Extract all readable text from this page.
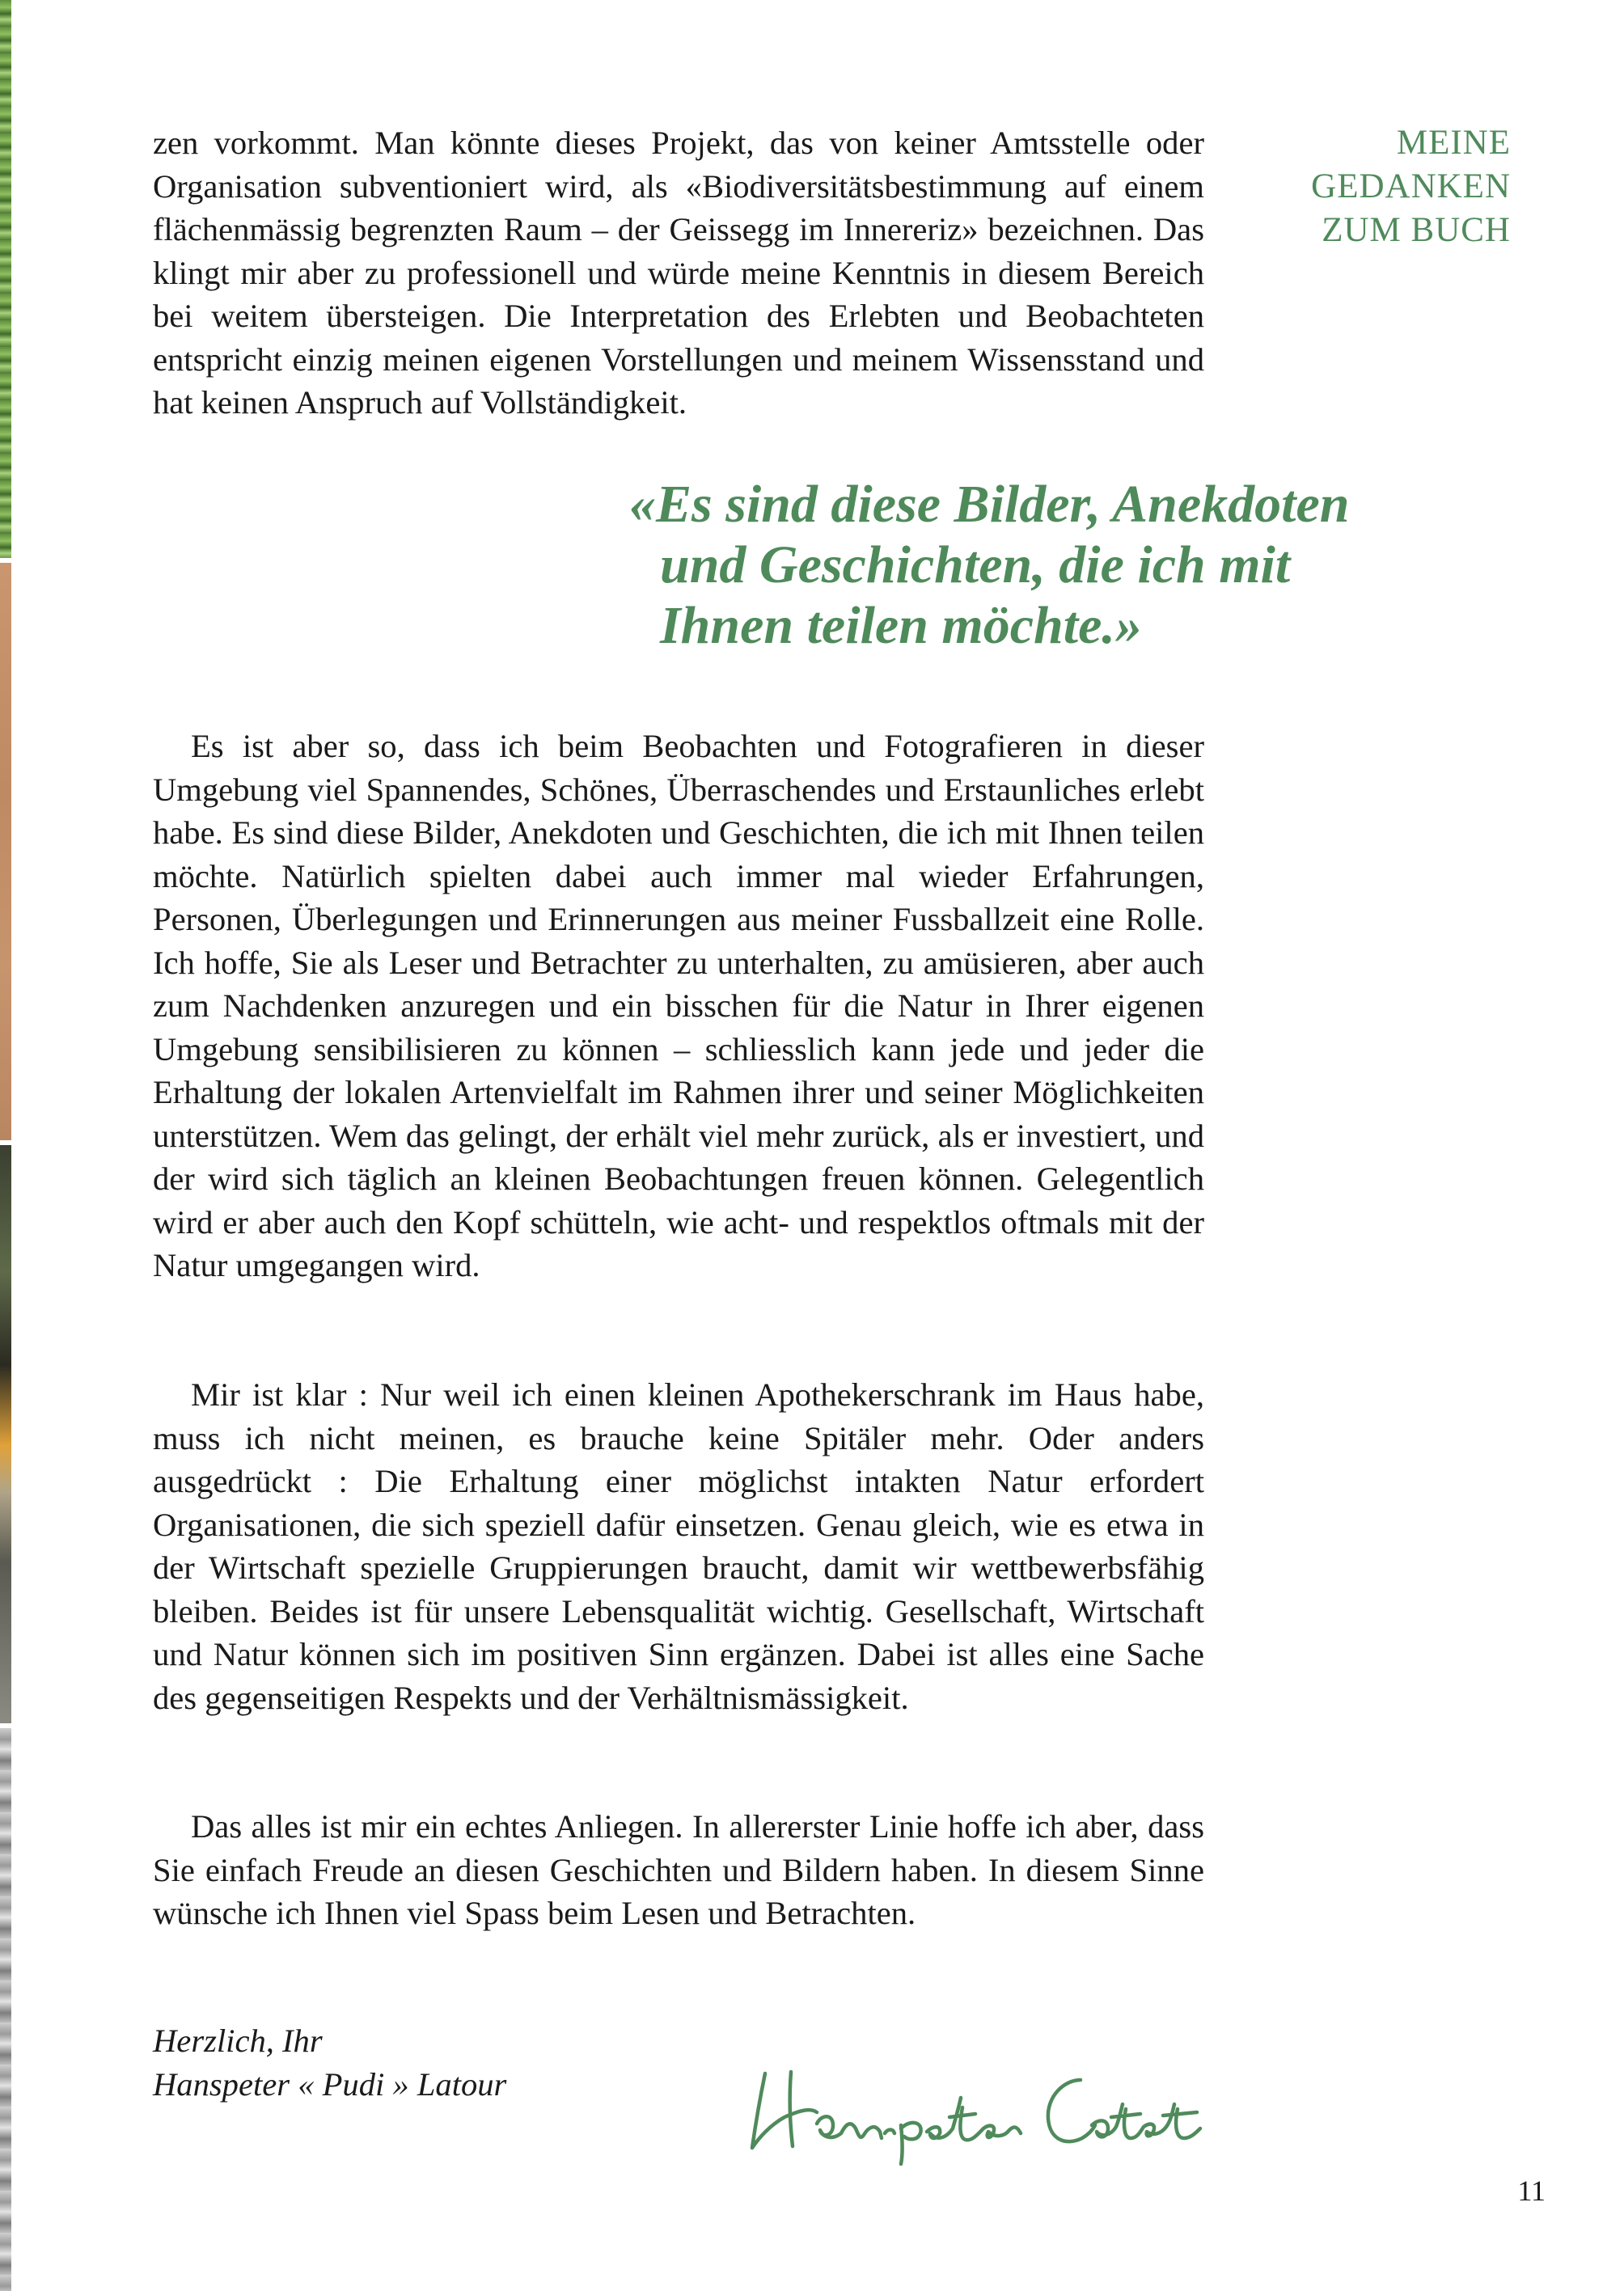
MEINE
GEDANKEN
ZUM BUCH

zen vorkommt. Man könnte dieses Projekt, das von keiner Amtsstelle oder Organisation subventioniert wird, als «Biodiversitätsbestimmung auf einem flächenmässig begrenzten Raum – der Geissegg im Innereriz» bezeichnen. Das klingt mir aber zu professionell und würde meine Kenntnis in diesem Bereich bei weitem übersteigen. Die Interpretation des Erlebten und Beobachteten entspricht einzig meinen eigenen Vorstellungen und meinem Wissensstand und hat keinen Anspruch auf Vollständigkeit.

«Es sind diese Bilder, Anekdoten
und Geschichten, die ich mit
Ihnen teilen möchte.»

Es ist aber so, dass ich beim Beobachten und Fotografieren in dieser Umgebung viel Spannendes, Schönes, Überraschendes und Erstaunliches erlebt habe. Es sind diese Bilder, Anekdoten und Geschichten, die ich mit Ihnen teilen möchte. Natürlich spielten dabei auch immer mal wieder Erfahrungen, Personen, Überlegungen und Erinnerungen aus meiner Fussballzeit eine Rolle. Ich hoffe, Sie als Leser und Betrachter zu unterhalten, zu amüsieren, aber auch zum Nachdenken anzuregen und ein bisschen für die Natur in Ihrer eigenen Umgebung sensibilisieren zu können – schliesslich kann jede und jeder die Erhaltung der lokalen Artenvielfalt im Rahmen ihrer und seiner Möglichkeiten unterstützen. Wem das gelingt, der erhält viel mehr zurück, als er investiert, und der wird sich täglich an kleinen Beobachtungen freuen können. Gelegentlich wird er aber auch den Kopf schütteln, wie acht- und respektlos oftmals mit der Natur umgegangen wird.

Mir ist klar : Nur weil ich einen kleinen Apothekerschrank im Haus habe, muss ich nicht meinen, es brauche keine Spitäler mehr. Oder anders ausgedrückt : Die Erhaltung einer möglichst intakten Natur erfordert Organisationen, die sich speziell dafür einsetzen. Genau gleich, wie es etwa in der Wirtschaft spezielle Gruppierungen braucht, damit wir wettbewerbsfähig bleiben. Beides ist für unsere Lebensqualität wichtig. Gesellschaft, Wirtschaft und Natur können sich im positiven Sinn ergänzen. Dabei ist alles eine Sache des gegenseitigen Respekts und der Verhältnismässigkeit.

Das alles ist mir ein echtes Anliegen. In allererster Linie hoffe ich aber, dass Sie einfach Freude an diesen Geschichten und Bildern haben. In diesem Sinne wünsche ich Ihnen viel Spass beim Lesen und Betrachten.

Herzlich, Ihr
Hanspeter « Pudi » Latour
11
